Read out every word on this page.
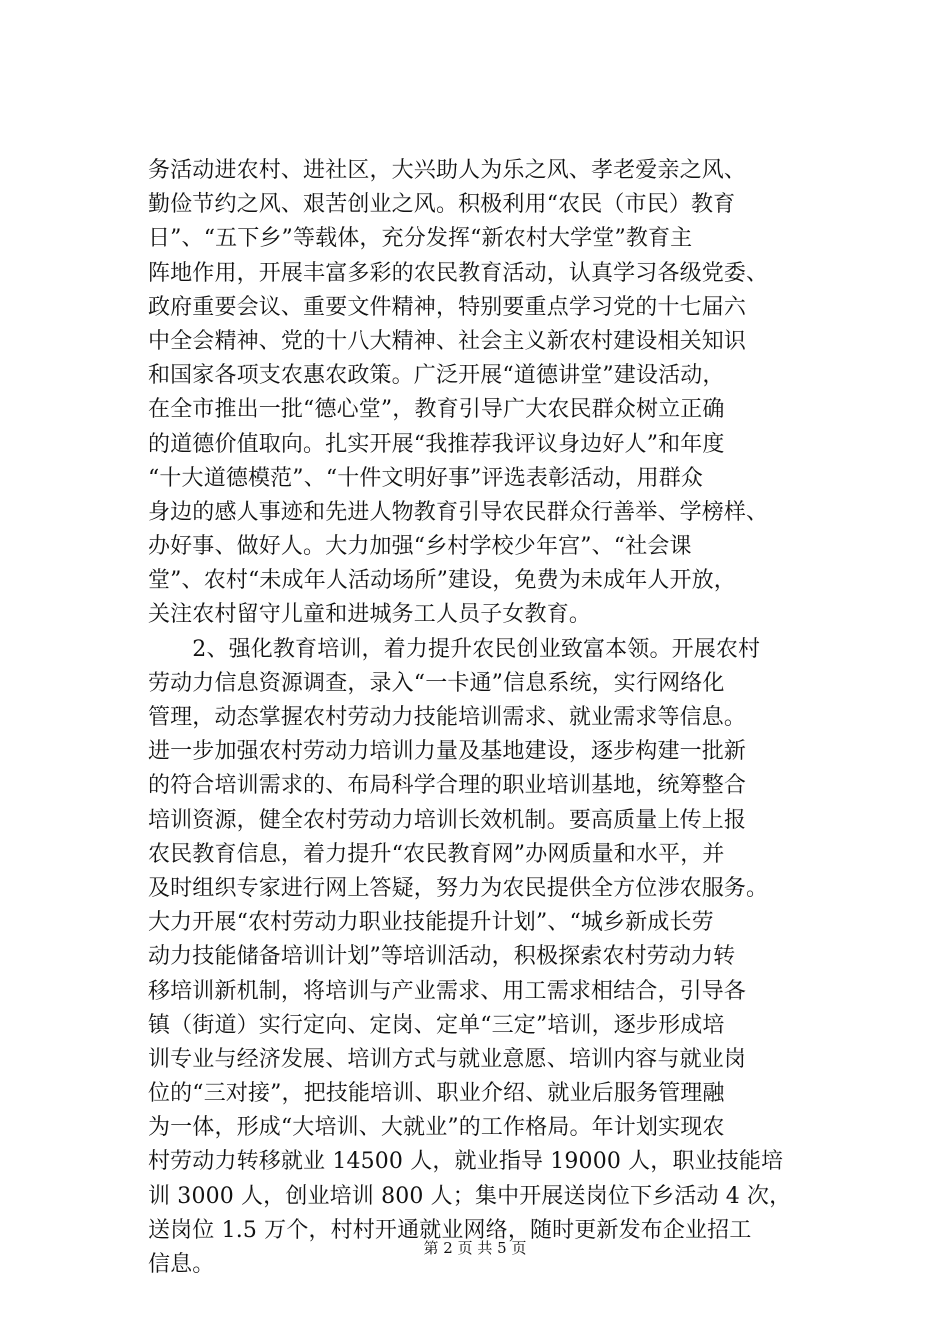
务活动进农村、进社区，大兴助人为乐之风、孝老爱亲之风、
勤俭节约之风、艰苦创业之风。积极利用“农民（市民）教育
日”、“五下乡”等载体，充分发挥“新农村大学堂”教育主
阵地作用，开展丰富多彩的农民教育活动，认真学习各级党委、
政府重要会议、重要文件精神，特别要重点学习党的十七届六
中全会精神、党的十八大精神、社会主义新农村建设相关知识
和国家各项支农惠农政策。广泛开展“道德讲堂”建设活动，
在全市推出一批“德心堂”，教育引导广大农民群众树立正确
的道德价值取向。扎实开展“我推荐我评议身边好人”和年度
“十大道德模范”、“十件文明好事”评选表彰活动，用群众
身边的感人事迹和先进人物教育引导农民群众行善举、学榜样、
办好事、做好人。大力加强“乡村学校少年宫”、“社会课
堂”、农村“未成年人活动场所”建设，免费为未成年人开放，
关注农村留守儿童和进城务工人员子女教育。
　　2、强化教育培训，着力提升农民创业致富本领。开展农村
劳动力信息资源调查，录入“一卡通”信息系统，实行网络化
管理，动态掌握农村劳动力技能培训需求、就业需求等信息。
进一步加强农村劳动力培训力量及基地建设，逐步构建一批新
的符合培训需求的、布局科学合理的职业培训基地，统筹整合
培训资源，健全农村劳动力培训长效机制。要高质量上传上报
农民教育信息，着力提升“农民教育网”办网质量和水平，并
及时组织专家进行网上答疑，努力为农民提供全方位涉农服务。
大力开展“农村劳动力职业技能提升计划”、“城乡新成长劳
动力技能储备培训计划”等培训活动，积极探索农村劳动力转
移培训新机制，将培训与产业需求、用工需求相结合，引导各
镇（街道）实行定向、定岗、定单“三定”培训，逐步形成培
训专业与经济发展、培训方式与就业意愿、培训内容与就业岗
位的“三对接”，把技能培训、职业介绍、就业后服务管理融
为一体，形成“大培训、大就业”的工作格局。年计划实现农
村劳动力转移就业 14500 人，就业指导 19000 人，职业技能培
训 3000 人，创业培训 800 人；集中开展送岗位下乡活动 4 次，
送岗位 1.5 万个，村村开通就业网络，随时更新发布企业招工
信息。
第 2 页 共 5 页
